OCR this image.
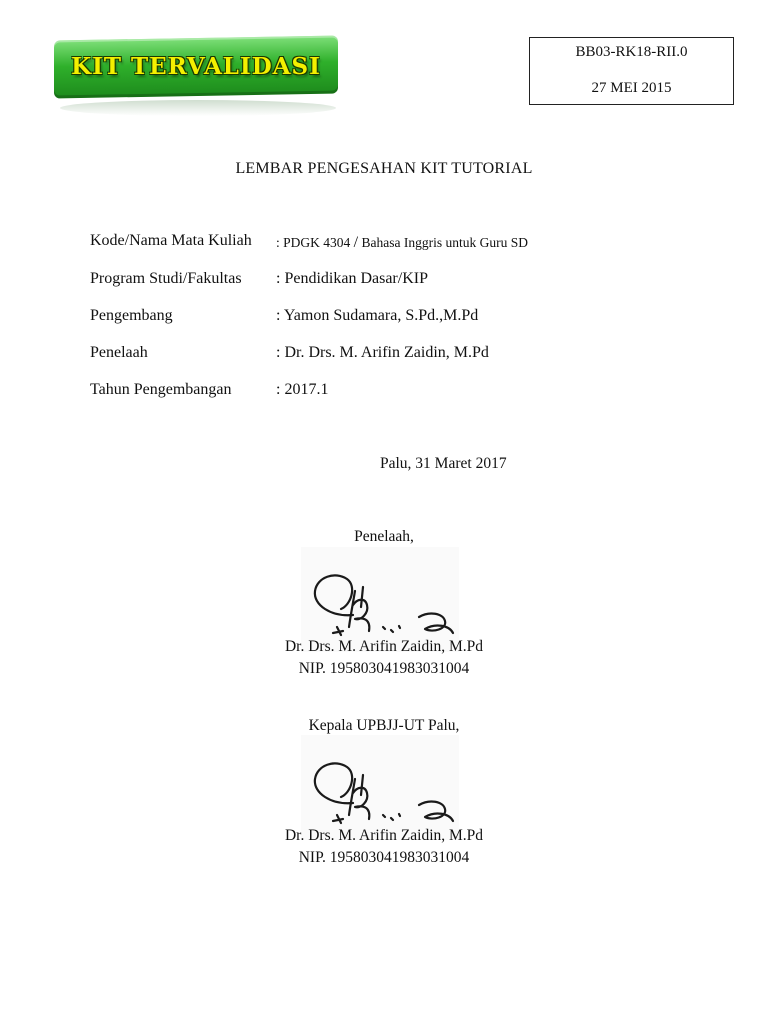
KIT TERVALIDASI
BB03-RK18-RII.0
27 MEI 2015
LEMBAR PENGESAHAN KIT TUTORIAL
Kode/Nama Mata Kuliah : PDGK 4304 / Bahasa Inggris untuk Guru SD
Program Studi/Fakultas : Pendidikan Dasar/KIP
Pengembang	: Yamon Sudamara, S.Pd.,M.Pd
Penelaah	: Dr. Drs. M. Arifin Zaidin, M.Pd
Tahun Pengembangan	: 2017.1
Palu, 31 Maret 2017
Penelaah,
Dr. Drs. M. Arifin Zaidin, M.Pd
NIP. 195803041983031004
Kepala UPBJJ-UT Palu,
Dr. Drs. M. Arifin Zaidin, M.Pd
NIP. 195803041983031004
